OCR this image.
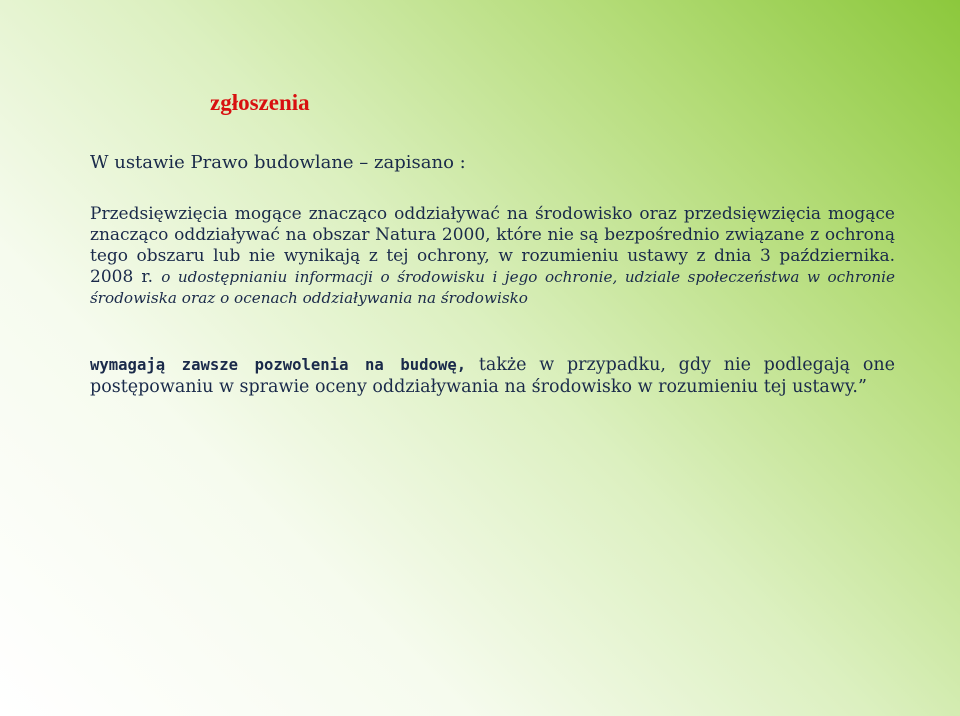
zgłoszenia

W ustawie Prawo budowlane – zapisano :

Przedsięwzięcia mogące znacząco oddziaływać na środowisko oraz przedsięwzięcia mogące znacząco oddziaływać na obszar Natura 2000, które nie są bezpośrednio związane z ochroną tego obszaru lub nie wynikają z tej ochrony, w rozumieniu ustawy z dnia 3 października. 2008 r. o udostępnianiu informacji o środowisku i jego ochronie, udziale społeczeństwa w ochronie środowiska oraz o ocenach oddziaływania na środowisko

wymagają zawsze pozwolenia na budowę, także w przypadku, gdy nie podlegają one postępowaniu w sprawie oceny oddziaływania na środowisko w rozumieniu tej ustawy.”
